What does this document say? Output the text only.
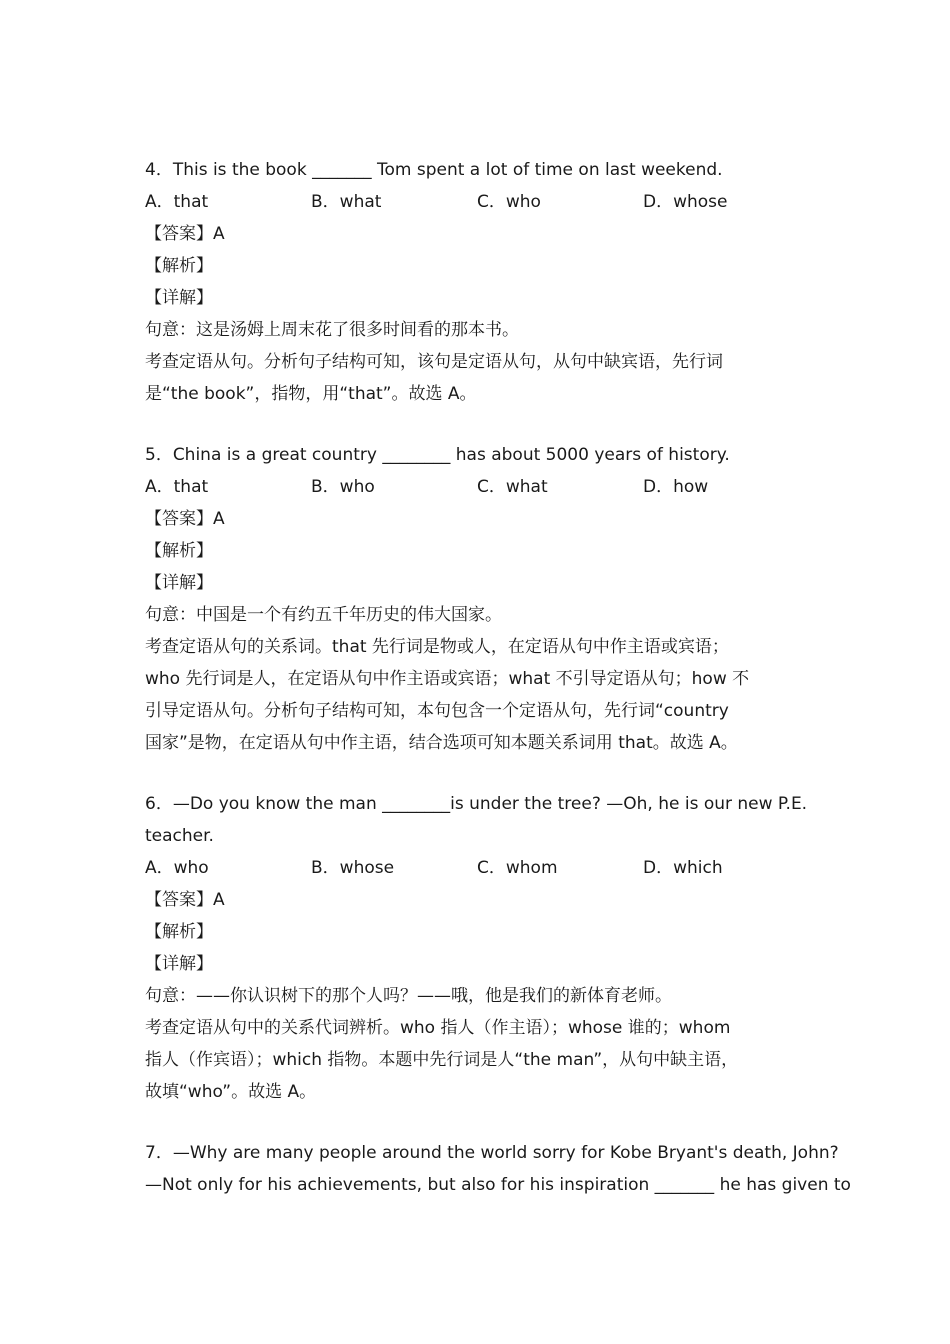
4．This is the book _______ Tom spent a lot of time on last weekend.
A．that	B．what	C．who	D．whose
【答案】A
【解析】
【详解】
句意：这是汤姆上周末花了很多时间看的那本书。
考查定语从句。分析句子结构可知，该句是定语从句，从句中缺宾语，先行词
是“the book”，指物，用“that”。故选 A。
5．China is a great country ________ has about 5000 years of history.
A．that	B．who	C．what	D．how
【答案】A
【解析】
【详解】
句意：中国是一个有约五千年历史的伟大国家。
考查定语从句的关系词。that 先行词是物或人，在定语从句中作主语或宾语；
who 先行词是人，在定语从句中作主语或宾语；what 不引导定语从句；how 不
引导定语从句。分析句子结构可知，本句包含一个定语从句，先行词“country
国家”是物，在定语从句中作主语，结合选项可知本题关系词用 that。故选 A。
6．—Do you know the man ________is under the tree? —Oh, he is our new P.E.
teacher.
A．who	B．whose	C．whom	D．which
【答案】A
【解析】
【详解】
句意：——你认识树下的那个人吗？——哦，他是我们的新体育老师。
考查定语从句中的关系代词辨析。who 指人（作主语）；whose 谁的；whom
指人（作宾语）；which 指物。本题中先行词是人“the man”，从句中缺主语，
故填“who”。故选 A。
7．—Why are many people around the world sorry for Kobe Bryant's death, John?
—Not only for his achievements, but also for his inspiration _______ he has given to
